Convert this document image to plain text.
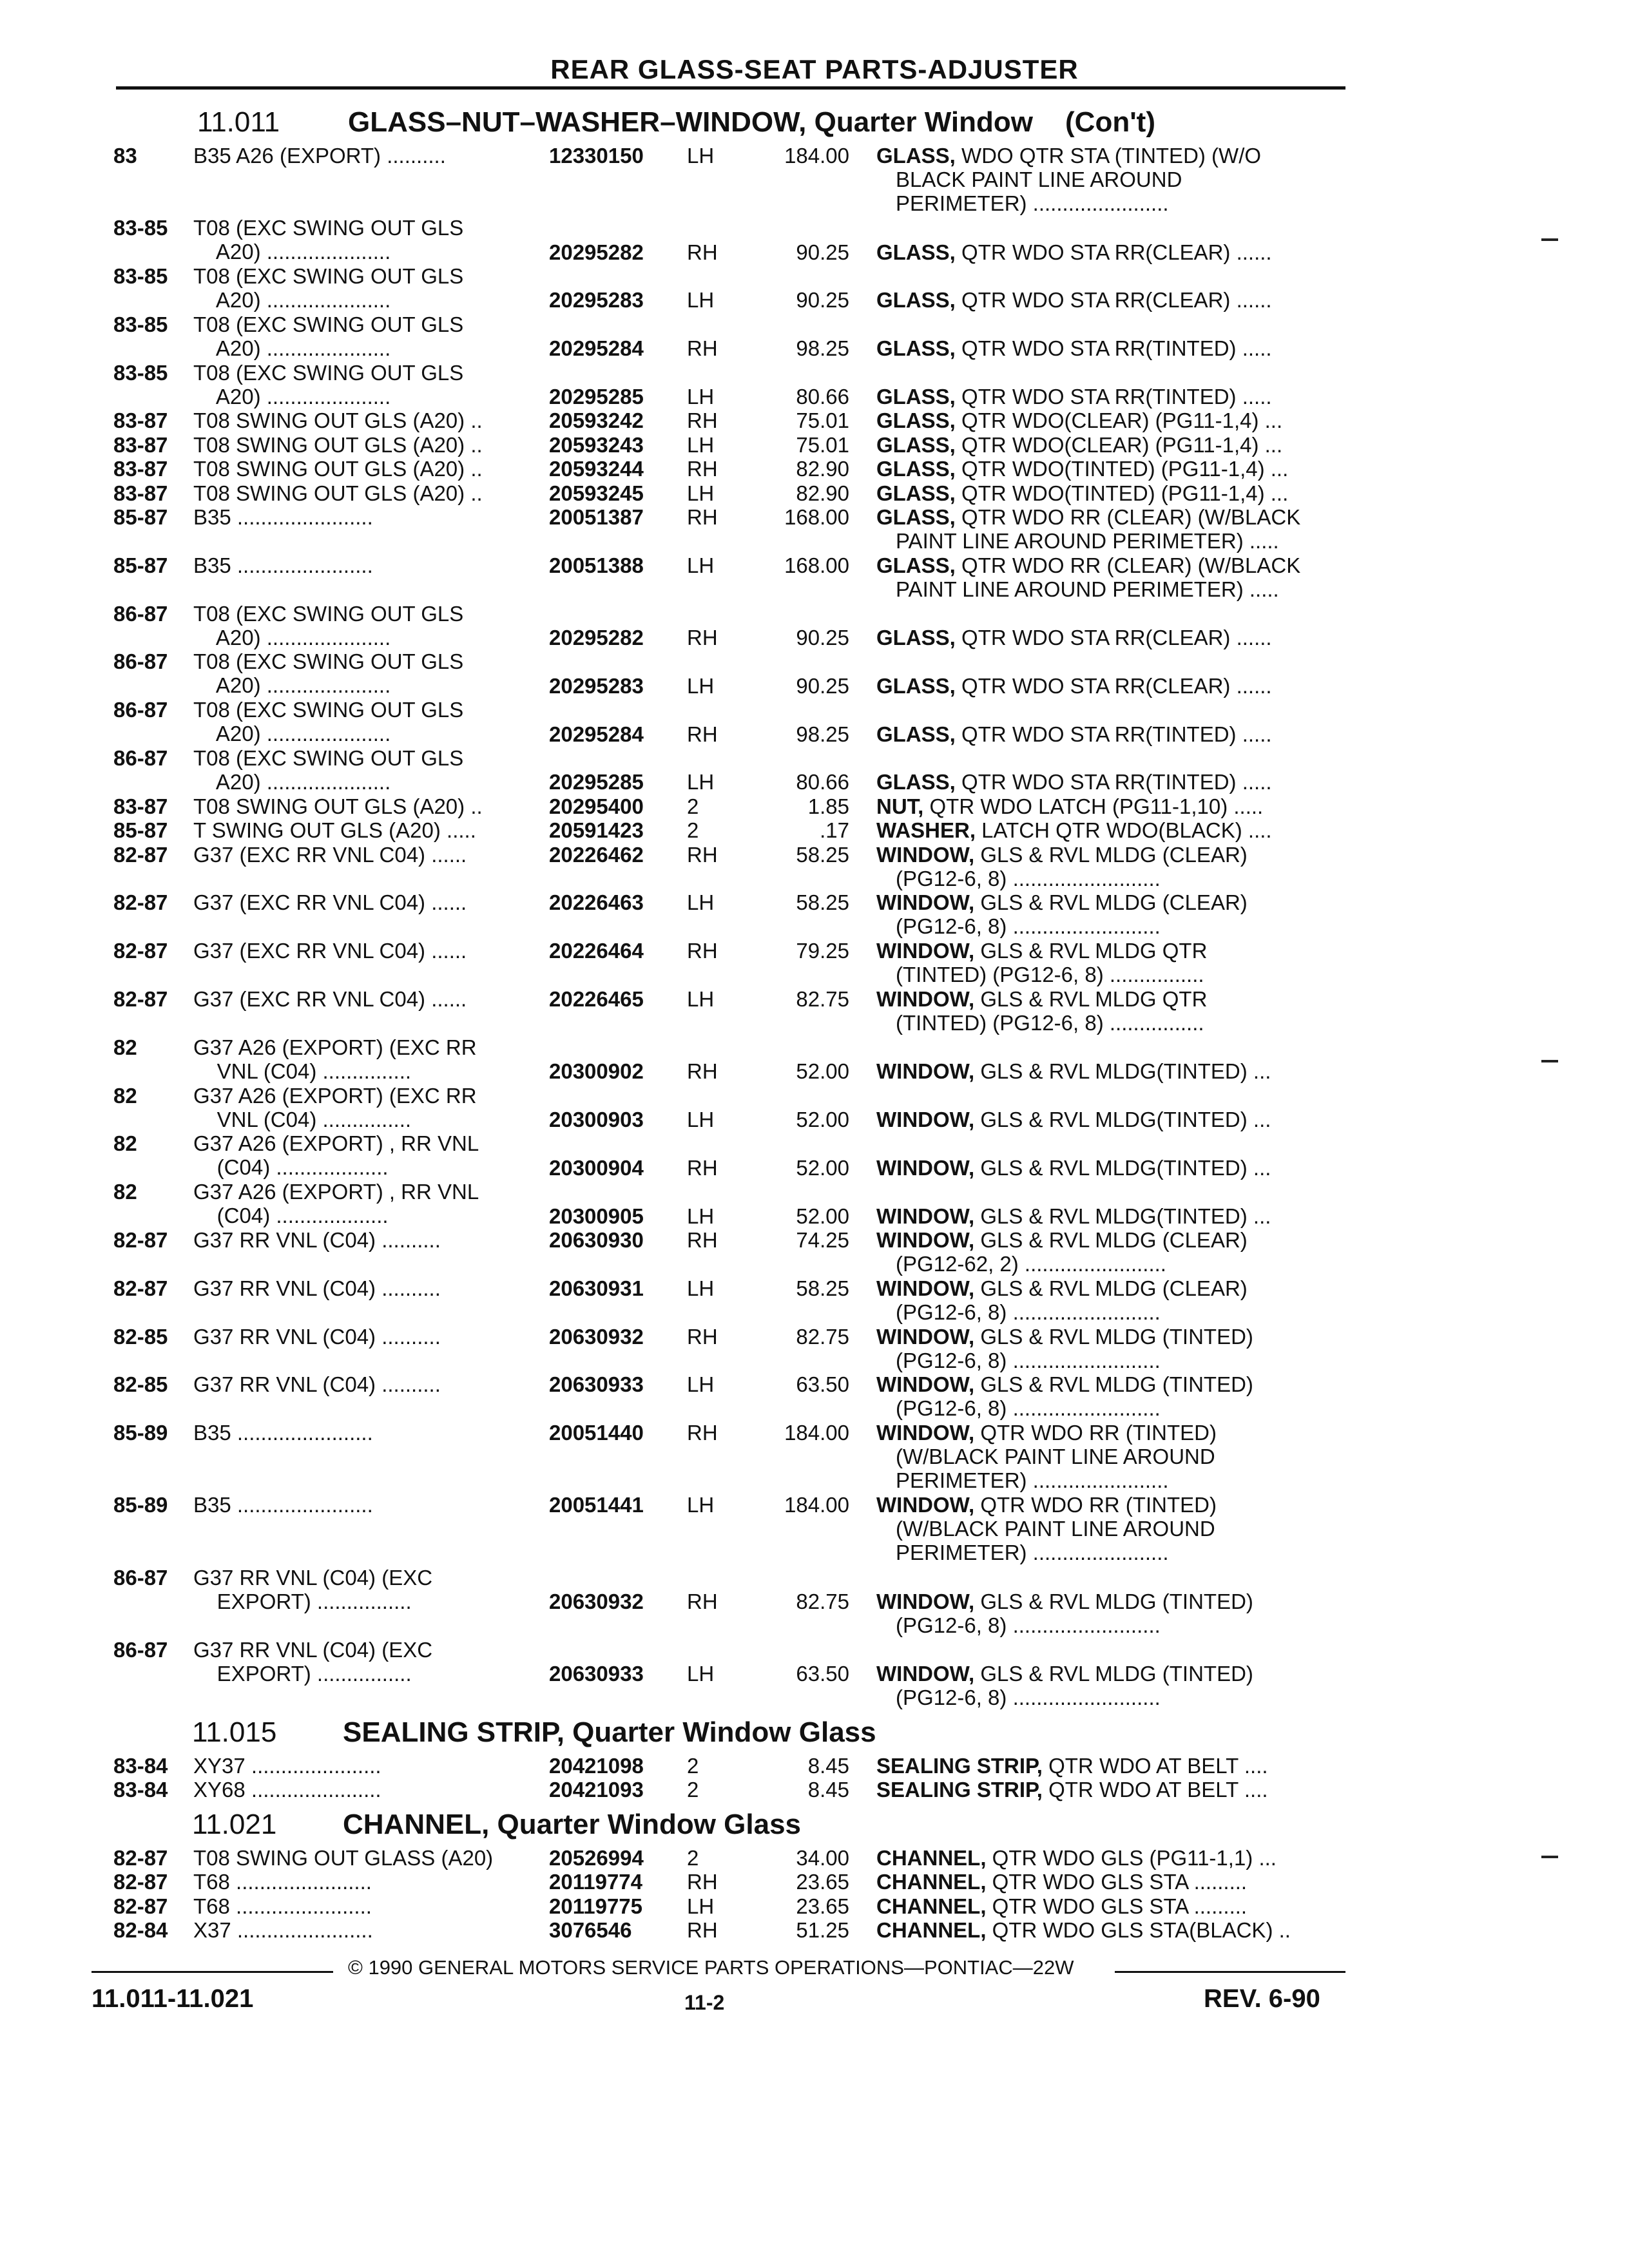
REAR GLASS-SEAT PARTS-ADJUSTER
11.011 GLASS–NUT–WASHER–WINDOW, Quarter Window (Con't)
83	B35 A26 (EXPORT) ..........	12330150 LH	184.00 GLASS, WDO QTR STA (TINTED) (W/O
BLACK PAINT LINE AROUND
PERIMETER) .......................
83-85 T08 (EXC SWING OUT GLS
A20) .....................	20295282 RH	90.25 GLASS, QTR WDO STA RR(CLEAR) ......
83-85 T08 (EXC SWING OUT GLS
A20) .....................	20295283 LH	90.25 GLASS, QTR WDO STA RR(CLEAR) ......
83-85 T08 (EXC SWING OUT GLS
A20) .....................	20295284 RH	98.25 GLASS, QTR WDO STA RR(TINTED) .....
83-85 T08 (EXC SWING OUT GLS
A20) .....................	20295285 LH	80.66 GLASS, QTR WDO STA RR(TINTED) .....
83-87 T08 SWING OUT GLS (A20) ..	20593242 RH	75.01 GLASS, QTR WDO(CLEAR) (PG11-1,4) ...
83-87 T08 SWING OUT GLS (A20) ..	20593243 LH	75.01 GLASS, QTR WDO(CLEAR) (PG11-1,4) ...
83-87 T08 SWING OUT GLS (A20) ..	20593244 RH	82.90 GLASS, QTR WDO(TINTED) (PG11-1,4) ...
83-87 T08 SWING OUT GLS (A20) ..	20593245 LH	82.90 GLASS, QTR WDO(TINTED) (PG11-1,4) ...
85-87 B35 .......................	20051387 RH	168.00 GLASS, QTR WDO RR (CLEAR) (W/BLACK
PAINT LINE AROUND PERIMETER) .....
85-87 B35 .......................	20051388 LH	168.00 GLASS, QTR WDO RR (CLEAR) (W/BLACK
PAINT LINE AROUND PERIMETER) .....
86-87 T08 (EXC SWING OUT GLS
A20) .....................	20295282 RH	90.25 GLASS, QTR WDO STA RR(CLEAR) ......
86-87 T08 (EXC SWING OUT GLS
A20) .....................	20295283 LH	90.25 GLASS, QTR WDO STA RR(CLEAR) ......
86-87 T08 (EXC SWING OUT GLS
A20) .....................	20295284 RH	98.25 GLASS, QTR WDO STA RR(TINTED) .....
86-87 T08 (EXC SWING OUT GLS
A20) .....................	20295285 LH	80.66 GLASS, QTR WDO STA RR(TINTED) .....
83-87 T08 SWING OUT GLS (A20) ..	20295400 2	1.85 NUT, QTR WDO LATCH (PG11-1,10) .....
85-87 T SWING OUT GLS (A20) .....	20591423 2	.17 WASHER, LATCH QTR WDO(BLACK) ....
82-87 G37 (EXC RR VNL C04) ......	20226462 RH	58.25 WINDOW, GLS & RVL MLDG (CLEAR)
(PG12-6, 8) .........................
82-87 G37 (EXC RR VNL C04) ......	20226463 LH	58.25 WINDOW, GLS & RVL MLDG (CLEAR)
(PG12-6, 8) .........................
82-87 G37 (EXC RR VNL C04) ......	20226464 RH	79.25 WINDOW, GLS & RVL MLDG QTR
(TINTED) (PG12-6, 8) ................
82-87 G37 (EXC RR VNL C04) ......	20226465 LH	82.75 WINDOW, GLS & RVL MLDG QTR
(TINTED) (PG12-6, 8) ................
82	G37 A26 (EXPORT) (EXC RR
VNL (C04) ...............	20300902 RH	52.00 WINDOW, GLS & RVL MLDG(TINTED) ...
82	G37 A26 (EXPORT) (EXC RR
VNL (C04) ...............	20300903 LH	52.00 WINDOW, GLS & RVL MLDG(TINTED) ...
82	G37 A26 (EXPORT) , RR VNL
(C04) ...................	20300904 RH	52.00 WINDOW, GLS & RVL MLDG(TINTED) ...
82	G37 A26 (EXPORT) , RR VNL
(C04) ...................	20300905 LH	52.00 WINDOW, GLS & RVL MLDG(TINTED) ...
82-87 G37 RR VNL (C04) ..........	20630930 RH	74.25 WINDOW, GLS & RVL MLDG (CLEAR)
(PG12-62, 2) ........................
82-87 G37 RR VNL (C04) ..........	20630931 LH	58.25 WINDOW, GLS & RVL MLDG (CLEAR)
(PG12-6, 8) .........................
82-85 G37 RR VNL (C04) ..........	20630932 RH	82.75 WINDOW, GLS & RVL MLDG (TINTED)
(PG12-6, 8) .........................
82-85 G37 RR VNL (C04) ..........	20630933 LH	63.50 WINDOW, GLS & RVL MLDG (TINTED)
(PG12-6, 8) .........................
85-89 B35 .......................	20051440 RH	184.00 WINDOW, QTR WDO RR (TINTED)
(W/BLACK PAINT LINE AROUND
PERIMETER) .......................
85-89 B35 .......................	20051441 LH	184.00 WINDOW, QTR WDO RR (TINTED)
(W/BLACK PAINT LINE AROUND
PERIMETER) .......................
86-87 G37 RR VNL (C04) (EXC
EXPORT) ................	20630932 RH	82.75 WINDOW, GLS & RVL MLDG (TINTED)
(PG12-6, 8) .........................
86-87 G37 RR VNL (C04) (EXC
EXPORT) ................	20630933 LH	63.50 WINDOW, GLS & RVL MLDG (TINTED)
(PG12-6, 8) .........................
11.015 SEALING STRIP, Quarter Window Glass
83-84 XY37 ......................	20421098 2	8.45 SEALING STRIP, QTR WDO AT BELT ....
83-84 XY68 ......................	20421093 2	8.45 SEALING STRIP, QTR WDO AT BELT ....
11.021 CHANNEL, Quarter Window Glass
82-87 T08 SWING OUT GLASS (A20)	20526994 2	34.00 CHANNEL, QTR WDO GLS (PG11-1,1) ...
82-87 T68 .......................	20119774 RH	23.65 CHANNEL, QTR WDO GLS STA .........
82-87 T68 .......................	20119775 LH	23.65 CHANNEL, QTR WDO GLS STA .........
82-84 X37 .......................	3076546	RH	51.25 CHANNEL, QTR WDO GLS STA(BLACK) ..
© 1990 GENERAL MOTORS SERVICE PARTS OPERATIONS—PONTIAC—22W
11.011-11.021	11-2	REV. 6-90
